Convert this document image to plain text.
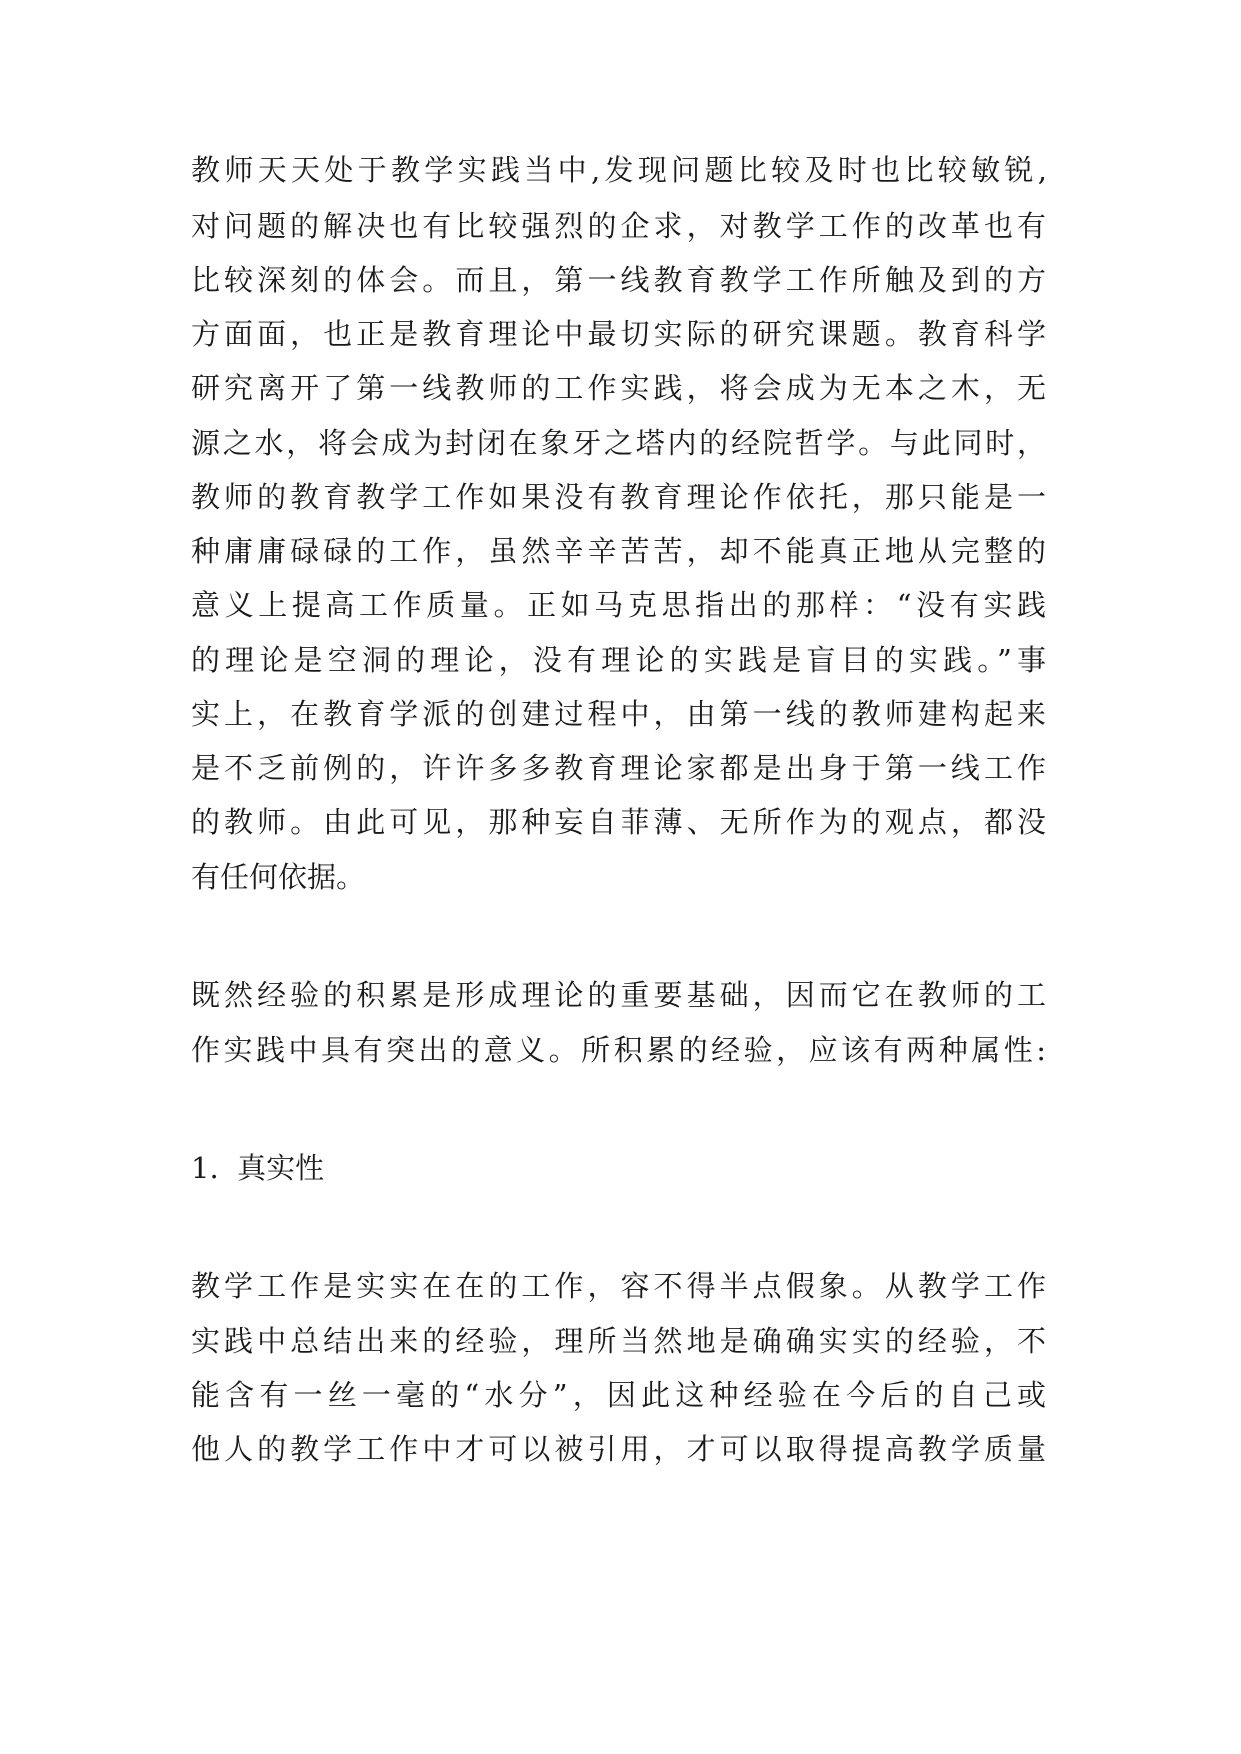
教师天天处于教学实践当中,发现问题比较及时也比较敏锐,

对问题的解决也有比较强烈的企求，对教学工作的改革也有

比较深刻的体会。而且，第一线教育教学工作所触及到的方

方面面，也正是教育理论中最切实际的研究课题。教育科学

研究离开了第一线教师的工作实践，将会成为无本之木，无

源之水，将会成为封闭在象牙之塔内的经院哲学。与此同时，

教师的教育教学工作如果没有教育理论作依托，那只能是一

种庸庸碌碌的工作，虽然辛辛苦苦，却不能真正地从完整的

意义上提高工作质量。正如马克思指出的那样：“没有实践

的理论是空洞的理论，没有理论的实践是盲目的实践。”事

实上，在教育学派的创建过程中，由第一线的教师建构起来

是不乏前例的，许许多多教育理论家都是出身于第一线工作

的教师。由此可见，那种妄自菲薄、无所作为的观点，都没

有任何依据。

既然经验的积累是形成理论的重要基础，因而它在教师的工

作实践中具有突出的意义。所积累的经验，应该有两种属性:

1.  真实性

教学工作是实实在在的工作，容不得半点假象。从教学工作

实践中总结出来的经验，理所当然地是确确实实的经验，不

能含有一丝一毫的“水分”，因此这种经验在今后的自己或

他人的教学工作中才可以被引用，才可以取得提高教学质量
